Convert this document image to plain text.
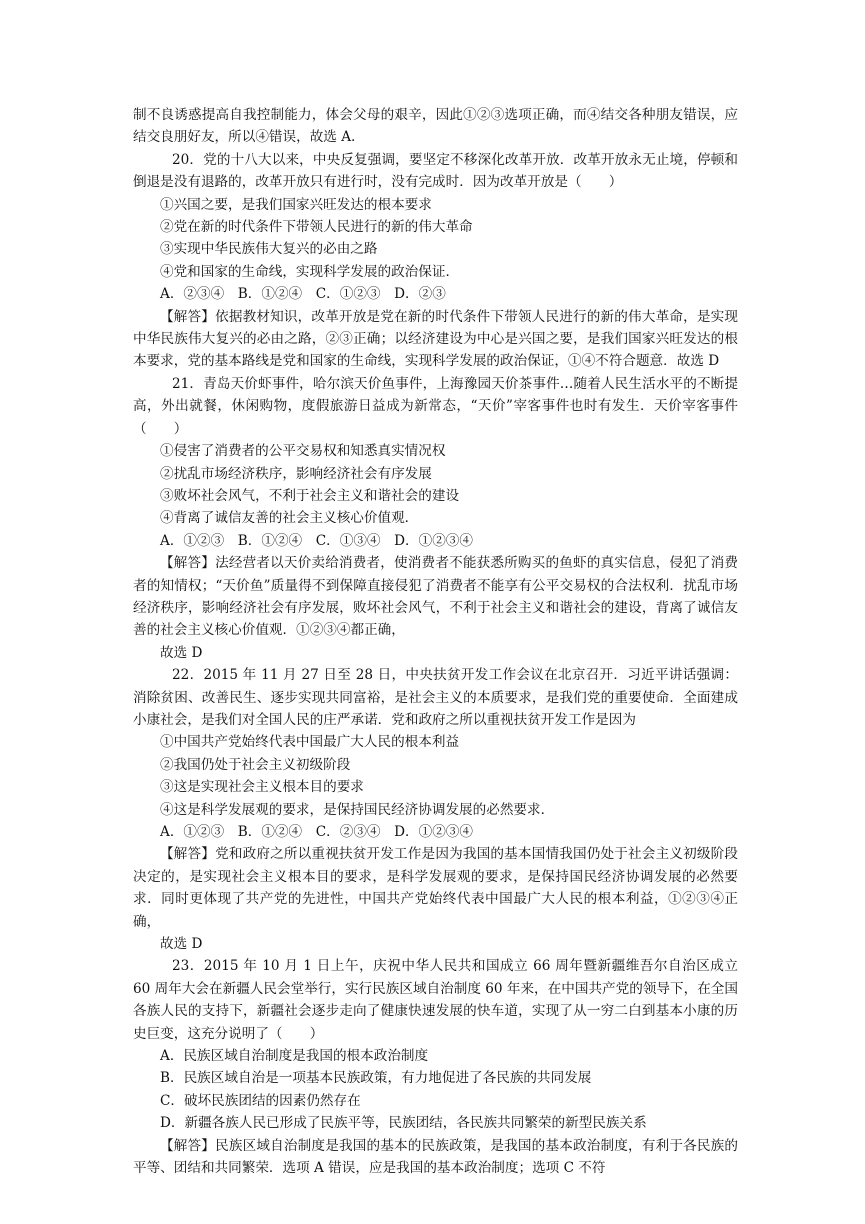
制不良诱惑提高自我控制能力，体会父母的艰辛，因此①②③选项正确，而④结交各种朋友错误，应结交良朋好友，所以④错误，故选 A.

20．党的十八大以来，中央反复强调，要坚定不移深化改革开放．改革开放永无止境，停顿和倒退是没有退路的，改革开放只有进行时，没有完成时．因为改革开放是（　　）

①兴国之要，是我们国家兴旺发达的根本要求

②党在新的时代条件下带领人民进行的新的伟大革命

③实现中华民族伟大复兴的必由之路

④党和国家的生命线，实现科学发展的政治保证．

A．②③④　B．①②④　C．①②③　D．②③

【解答】依据教材知识，改革开放是党在新的时代条件下带领人民进行的新的伟大革命，是实现中华民族伟大复兴的必由之路，②③正确；以经济建设为中心是兴国之要，是我们国家兴旺发达的根本要求，党的基本路线是党和国家的生命线，实现科学发展的政治保证，①④不符合题意．故选 D

21．青岛天价虾事件，哈尔滨天价鱼事件，上海豫园天价茶事件…随着人民生活水平的不断提高，外出就餐，休闲购物，度假旅游日益成为新常态，“天价”宰客事件也时有发生．天价宰客事件（　　）

①侵害了消费者的公平交易权和知悉真实情况权

②扰乱市场经济秩序，影响经济社会有序发展

③败坏社会风气，不利于社会主义和谐社会的建设

④背离了诚信友善的社会主义核心价值观．

A．①②③　B．①②④　C．①③④　D．①②③④

【解答】法经营者以天价卖给消费者，使消费者不能获悉所购买的鱼虾的真实信息，侵犯了消费者的知情权；“天价鱼”质量得不到保障直接侵犯了消费者不能享有公平交易权的合法权利．扰乱市场经济秩序，影响经济社会有序发展，败坏社会风气，不利于社会主义和谐社会的建设，背离了诚信友善的社会主义核心价值观．①②③④都正确，

故选 D

22．2015 年 11 月 27 日至 28 日，中央扶贫开发工作会议在北京召开．习近平讲话强调：消除贫困、改善民生、逐步实现共同富裕，是社会主义的本质要求，是我们党的重要使命．全面建成小康社会，是我们对全国人民的庄严承诺．党和政府之所以重视扶贫开发工作是因为

①中国共产党始终代表中国最广大人民的根本利益

②我国仍处于社会主义初级阶段

③这是实现社会主义根本目的要求

④这是科学发展观的要求，是保持国民经济协调发展的必然要求．

A．①②③　B．①②④　C．②③④　D．①②③④

【解答】党和政府之所以重视扶贫开发工作是因为我国的基本国情我国仍处于社会主义初级阶段决定的，是实现社会主义根本目的要求，是科学发展观的要求，是保持国民经济协调发展的必然要求．同时更体现了共产党的先进性，中国共产党始终代表中国最广大人民的根本利益，①②③④正确，

故选 D

23．2015 年 10 月 1 日上午，庆祝中华人民共和国成立 66 周年暨新疆维吾尔自治区成立 60 周年大会在新疆人民会堂举行，实行民族区域自治制度 60 年来，在中国共产党的领导下，在全国各族人民的支持下，新疆社会逐步走向了健康快速发展的快车道，实现了从一穷二白到基本小康的历史巨变，这充分说明了（　　）

A．民族区域自治制度是我国的根本政治制度

B．民族区域自治是一项基本民族政策，有力地促进了各民族的共同发展

C．破坏民族团结的因素仍然存在

D．新疆各族人民已形成了民族平等，民族团结，各民族共同繁荣的新型民族关系

【解答】民族区域自治制度是我国的基本的民族政策，是我国的基本政治制度，有利于各民族的平等、团结和共同繁荣．选项 A 错误，应是我国的基本政治制度；选项 C 不符
